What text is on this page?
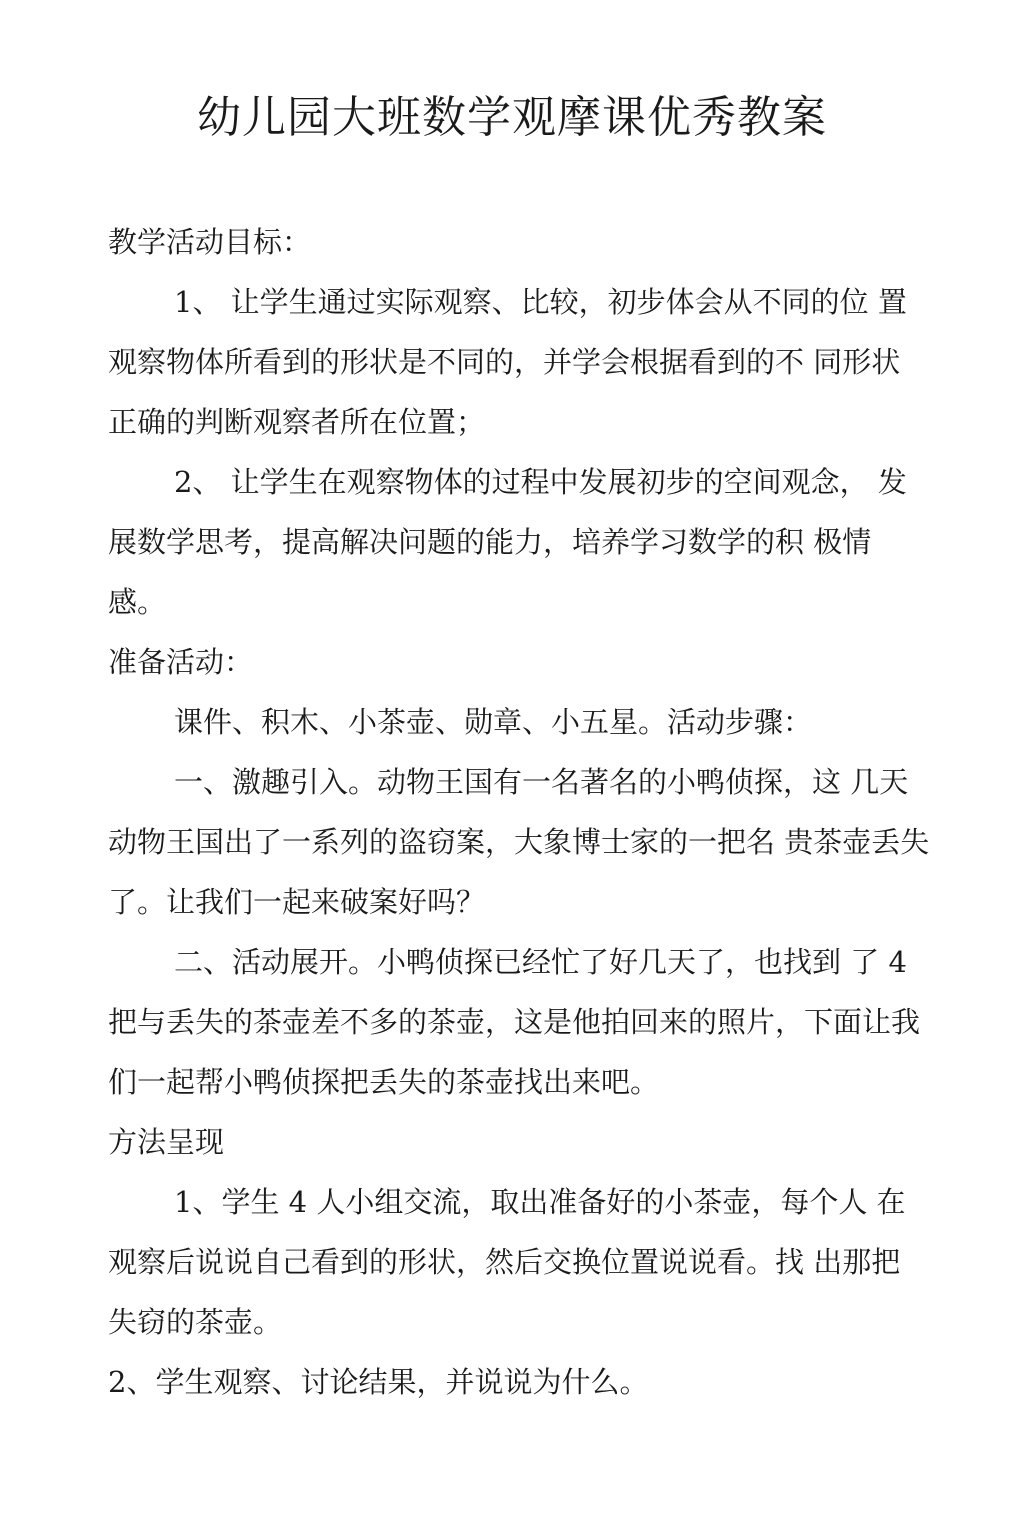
幼儿园大班数学观摩课优秀教案

教学活动目标：

1、 让学生通过实际观察、比较，初步体会从不同的位 置

观察物体所看到的形状是不同的，并学会根据看到的不 同形状

正确的判断观察者所在位置；

2、 让学生在观察物体的过程中发展初步的空间观念， 发

展数学思考，提高解决问题的能力，培养学习数学的积 极情

感。

准备活动：

课件、积木、小茶壶、勋章、小五星。活动步骤：

一、激趣引入。动物王国有一名著名的小鸭侦探，这 几天

动物王国出了一系列的盗窃案，大象博士家的一把名 贵茶壶丢失

了。让我们一起来破案好吗？

二、活动展开。小鸭侦探已经忙了好几天了，也找到 了 4

把与丢失的茶壶差不多的茶壶，这是他拍回来的照片，下面让我

们一起帮小鸭侦探把丢失的茶壶找出来吧。

方法呈现

1、学生 4 人小组交流，取出准备好的小茶壶，每个人 在

观察后说说自己看到的形状，然后交换位置说说看。找 出那把

失窃的茶壶。

2、学生观察、讨论结果，并说说为什么。
